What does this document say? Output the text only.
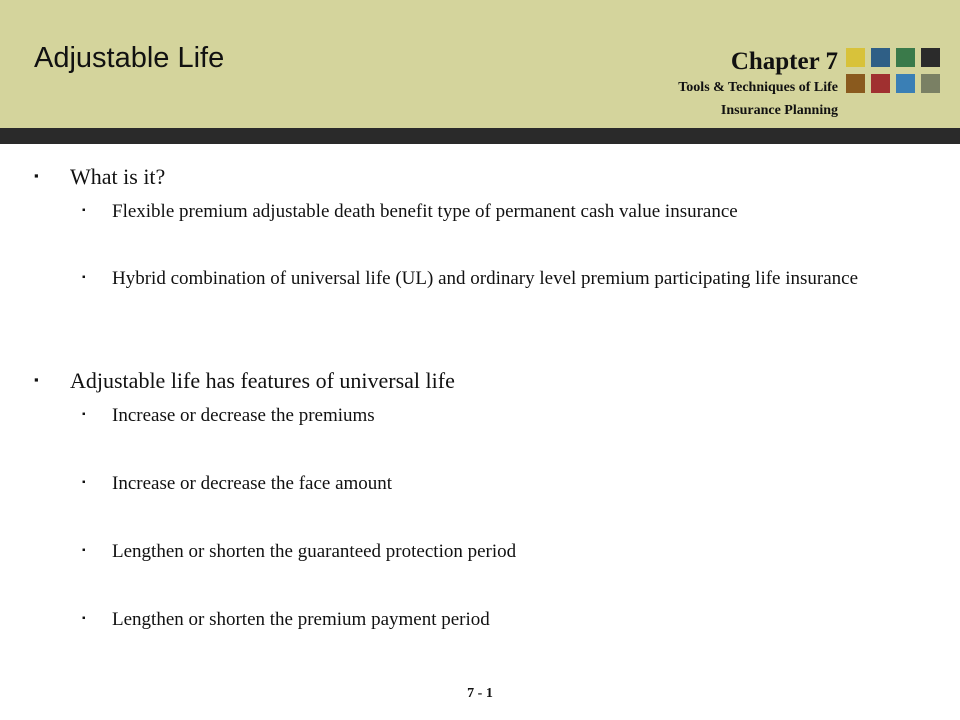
Adjustable Life	Chapter 7
Tools & Techniques of Life
Insurance Planning
▪ What is it?
▪ Flexible premium adjustable death benefit type of permanent cash value insurance
▪ Hybrid combination of universal life (UL) and ordinary level premium participating life insurance
▪ Adjustable life has features of universal life
▪ Increase or decrease the premiums
▪ Increase or decrease the face amount
▪ Lengthen or shorten the guaranteed protection period
▪ Lengthen or shorten the premium payment period
7 - 1
